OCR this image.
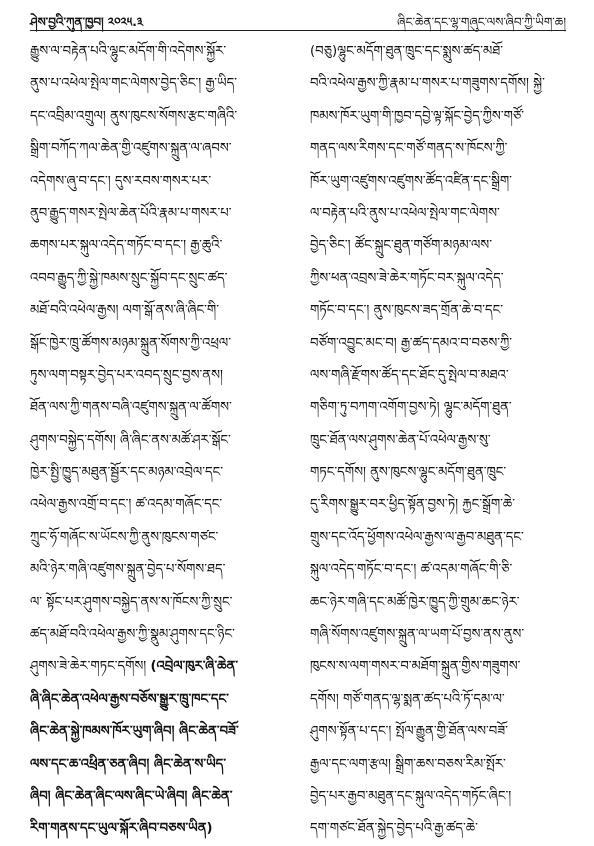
ཤེས་བྱའི་ཀུན་ཁྱབ། ༢༠༢༥.༣	ཞིང་ཆེན་དང་ལྷ་གཞུང་ལས་ཞིབ་ཀྱི་ཡིག་ཆ།
རྒྱུས་ལ་བརྟེན་པའི་ལྷུང་མདོག་གི་འདེགས་སྐྱོར་
ནུས་པ་འཕེལ་སྤེལ་གང་ལེགས་བྱེད་ཅིང་། རྒྱ་ཡིད་
དང་འབྲིམ་འགྲུལ། ནུས་ཁུངས་སོགས་རྩང་གཞིའི་
སྒྲིག་བཀོད་ཀལ་ཆེན་གྱི་འཛུགས་སྐྲུན་ལ་ཞབས་
འདེགས་ཞུ་བ་དང་། དུས་རབས་གསར་པར་
ནུབ་རྒྱུད་གསར་སྤེལ་ཆེན་པོའི་རྣམ་པ་གསར་པ་
ཆགས་པར་སྐུལ་འདེད་གཏོང་བ་དང་། རྒྱ་ཆུའི་
འབབ་རྒྱུད་ཀྱི་སྐྱེ་ཁམས་སྲུང་སྐྱོབ་དང་སྲུང་ཚད་
མཐོ་བའི་འཕེལ་རྒྱས། ལག་སྒོ་ནས་ཞི་ཞིང་གི་
སྒོང་ཁྱེར་ཁྲུ་ཚོགས་མཉམ་སྐྲུན་སོགས་ཀྱི་འཕྲལ་
ཏུས་ལག་བསྟར་བྱེད་པར་འབད་སྲུང་བྱས་ནས།
ཐོན་ལས་ཀྱི་གནས་བཞི་འཛུགས་སྐྲུན་ལ་ཚོགས་
ཤུགས་བསྐྱེད་དགོས། ཞི་ཞིང་ནས་མཚོ་ཤར་སྒོང་
ཁྱེར་སྤྱི་ཁྱུད་མཐུན་སྦྱོར་དང་མཉམ་འབྲེལ་དང་
འཕེལ་རྒྱས་འགྲོ་བ་དང་། ཚ་འདམ་གཞོང་དང་
ཀྲུང་ཧོ་གཞོང་ས་ཡོངས་ཀྱི་ནུས་ཁུངས་གཙང་
མའི་ཉེར་གཞི་འཛུགས་སྐྲུན་བྱེད་པ་སོགས་ཐད་
ལ་ སྟོང་པར་ཤུགས་བསྐྱེད་ནས་ས་ཁོངས་ཀྱི་སྲུང་
ཚད་མཐོ་བའི་འཕེལ་རྒྱས་ཀྱི་སྣུམ་ཤུགས་དང་ཉིང་
ཤུགས་ཟེ་ཆེར་གཏང་དགོས། (འབྲེལ་ཁུར་ཞི་ཆེན་
ཞི་ཞིང་ཆེན་འཕེལ་རྒྱས་བཅོས་སྒྱུར་ཁྲུ་ཁང་དང་
ཞིང་ཆེན་སྐྱེ་ཁམས་ཁོར་ཡུག་ཞིབ། ཞིང་ཆེན་བཟོ་
ལས་དང་ཆ་འཕྲིན་ཅན་ཞིབ། ཞིང་ཆེན་ས་ཡིད་
ཞིབ། ཞིང་ཆེན་ཞིང་ལས་ཞིང་ཡེ་ཞིབ། ཞིང་ཆེན་
རིག་གནས་དང་ཡུལ་སྐོར་ཞིབ་བཅས་ཡིན)
(བཅུ)ལྷུང་མདོག་ཐུན་ཁྲུང་དང་སྨུས་ཚད་མཐོ་
བའི་འཕེལ་རྒྱས་ཀྱི་རྣམ་པ་གསར་པ་གཟུགས་དགོས། སྐྱེ་
ཁམས་ཁོར་ཡུག་གི་ཁྱབ་དབྱེ་ལྟ་སྐོང་བྱེད་ཀྱིས་གཙོ་
གནད་ལས་རིགས་དང་གཙོ་གནད་ས་ཁོངས་ཀྱི་
ཁོར་ཡུག་འཛུགས་འཛུགས་ཚོད་འཛིན་དང་སྒྲིག་
ལ་བརྟེན་པའི་ནུས་པ་འཕེལ་སྤེལ་གང་ལེགས་
བྱེད་ཅིང་། ཚོང་སྐྲུང་ཐུན་གཙོག་མཉམ་ལས་
ཀྱིས་ཕན་འབྲས་ཟེ་ཆེར་གཏོང་བར་སྐུལ་འདེད་
གཏོང་བ་དང་། ནུས་ཁུངས་ཟད་གྲོན་ཆེ་བ་དང་
བཙོག་འབྱུང་མང་བ། རྒྱ་ཚད་དམའ་བ་བཅས་ཀྱི་
ལས་གཞི་རྫོགས་ཚོད་དང་ཐོང་དུ་སྤེལ་བ་མཐའ་
གཅིག་ཏུ་བཀག་འགོག་བྱས་ཏེ། ལྷུང་མདོག་ཐུན་
ཁྲུང་ཐོན་ལས་ཤུགས་ཆེན་པོ་འཕེལ་རྒྱས་སུ་
གཏང་དགོས། ནུས་ཁུངས་ལྷུང་མདོག་ཐུན་ཁྲུང་
དུ་རིགས་སྒྱུར་བར་ཕྱིད་སྟོན་བྱས་ཏེ། རྐྱང་སྒྲོག་ཆེ་
གྲུས་དང་འོད་ཕྱོགས་འཕེལ་རྒྱས་ལ་རྒྱབ་མཐུན་དང་
སྐུལ་འདེད་གཏོང་བ་དང་། ཚ་འདམ་གཞོང་གི་ཅི་
ཆང་ཉེར་གཞི་དང་མཚོ་ཁྱེར་ཁྱུད་ཀྱི་གྲུམ་ཆང་ཉེར་
གཞི་སོགས་འཛུགས་སྐྲུན་ལ་ཡག་པོ་བྱས་ནས་ནུས་
ཁུངས་ས་ལག་གསར་བ་མཐོག་སྐྲུན་གྱིས་གཟུགས་
དགོས། གཙོ་གནད་ལྷ་སྨན་ཚད་པའི་ཏོ་དམ་ལ་
ཤུགས་སྟོན་པ་དང་། སྤོལ་རྒྱུན་གྱི་ཐོན་ལས་བཟོ་
རྒྱལ་དང་ལག་རྩལ། སྒྲིག་ཆས་བཅས་རིམ་སྤོར་
བྱེད་པར་རྒྱབ་མཐུན་དང་སྐུལ་འདེད་གཏོང་ཞིང་།
དག་གཙང་ཐོན་སྐྱེད་བྱེད་པའི་རྒྱ་ཚད་ཆེ་
